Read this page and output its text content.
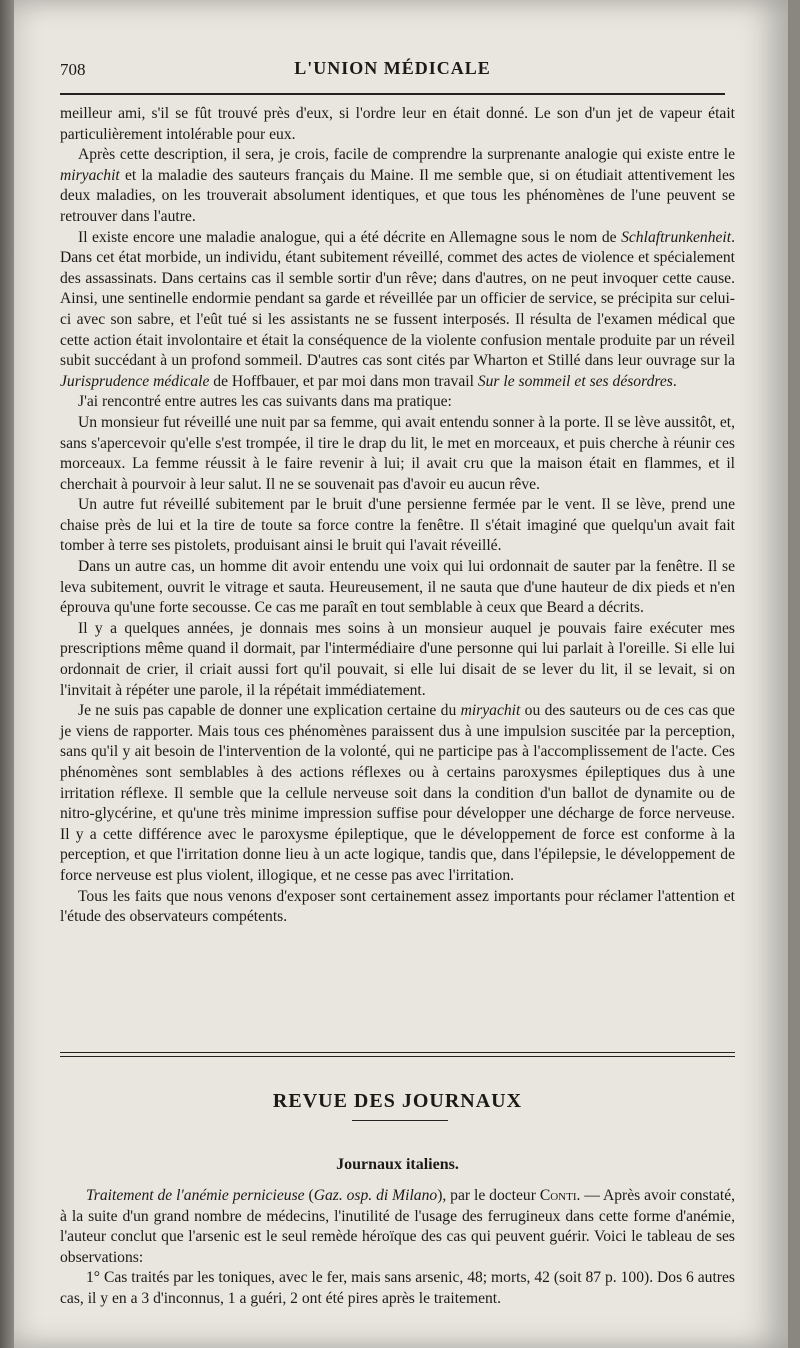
708	L'UNION MÉDICALE

meilleur ami, s'il se fût trouvé près d'eux, si l'ordre leur en était donné. Le son d'un jet de vapeur était particulièrement intolérable pour eux.

Après cette description, il sera, je crois, facile de comprendre la surprenante analogie qui existe entre le miryachit et la maladie des sauteurs français du Maine. Il me semble que, si on étudiait attentivement les deux maladies, on les trouverait absolument identiques, et que tous les phénomènes de l'une peuvent se retrouver dans l'autre.

Il existe encore une maladie analogue, qui a été décrite en Allemagne sous le nom de Schlaftrunkenheit. Dans cet état morbide, un individu, étant subitement réveillé, commet des actes de violence et spécialement des assassinats. Dans certains cas il semble sortir d'un rêve; dans d'autres, on ne peut invoquer cette cause. Ainsi, une sentinelle endormie pendant sa garde et réveillée par un officier de service, se précipita sur celui-ci avec son sabre, et l'eût tué si les assistants ne se fussent interposés. Il résulta de l'examen médical que cette action était involontaire et était la conséquence de la violente confusion mentale produite par un réveil subit succédant à un profond sommeil. D'autres cas sont cités par Wharton et Stillé dans leur ouvrage sur la Jurisprudence médicale de Hoffbauer, et par moi dans mon travail Sur le sommeil et ses désordres.

J'ai rencontré entre autres les cas suivants dans ma pratique:

Un monsieur fut réveillé une nuit par sa femme, qui avait entendu sonner à la porte. Il se lève aussitôt, et, sans s'apercevoir qu'elle s'est trompée, il tire le drap du lit, le met en morceaux, et puis cherche à réunir ces morceaux. La femme réussit à le faire revenir à lui; il avait cru que la maison était en flammes, et il cherchait à pourvoir à leur salut. Il ne se souvenait pas d'avoir eu aucun rêve.

Un autre fut réveillé subitement par le bruit d'une persienne fermée par le vent. Il se lève, prend une chaise près de lui et la tire de toute sa force contre la fenêtre. Il s'était imaginé que quelqu'un avait fait tomber à terre ses pistolets, produisant ainsi le bruit qui l'avait réveillé.

Dans un autre cas, un homme dit avoir entendu une voix qui lui ordonnait de sauter par la fenêtre. Il se leva subitement, ouvrit le vitrage et sauta. Heureusement, il ne sauta que d'une hauteur de dix pieds et n'en éprouva qu'une forte secousse. Ce cas me paraît en tout semblable à ceux que Beard a décrits.

Il y a quelques années, je donnais mes soins à un monsieur auquel je pouvais faire exécuter mes prescriptions même quand il dormait, par l'intermédiaire d'une personne qui lui parlait à l'oreille. Si elle lui ordonnait de crier, il criait aussi fort qu'il pouvait, si elle lui disait de se lever du lit, il se levait, si on l'invitait à répéter une parole, il la répétait immédiatement.

Je ne suis pas capable de donner une explication certaine du miryachit ou des sauteurs ou de ces cas que je viens de rapporter. Mais tous ces phénomènes paraissent dus à une impulsion suscitée par la perception, sans qu'il y ait besoin de l'intervention de la volonté, qui ne participe pas à l'accomplissement de l'acte. Ces phénomènes sont semblables à des actions réflexes ou à certains paroxysmes épileptiques dus à une irritation réflexe. Il semble que la cellule nerveuse soit dans la condition d'un ballot de dynamite ou de nitro-glycérine, et qu'une très minime impression suffise pour développer une décharge de force nerveuse. Il y a cette différence avec le paroxysme épileptique, que le développement de force est conforme à la perception, et que l'irritation donne lieu à un acte logique, tandis que, dans l'épilepsie, le développement de force nerveuse est plus violent, illogique, et ne cesse pas avec l'irritation.

Tous les faits que nous venons d'exposer sont certainement assez importants pour réclamer l'attention et l'étude des observateurs compétents.

REVUE DES JOURNAUX
Journaux italiens.

Traitement de l'anémie pernicieuse (Gaz. osp. di Milano), par le docteur Conti. — Après avoir constaté, à la suite d'un grand nombre de médecins, l'inutilité de l'usage des ferrugineux dans cette forme d'anémie, l'auteur conclut que l'arsenic est le seul remède héroïque des cas qui peuvent guérir. Voici le tableau de ses observations:

1° Cas traités par les toniques, avec le fer, mais sans arsenic, 48; morts, 42 (soit 87 p. 100). Dos 6 autres cas, il y en a 3 d'inconnus, 1 a guéri, 2 ont été pires après le traitement.
